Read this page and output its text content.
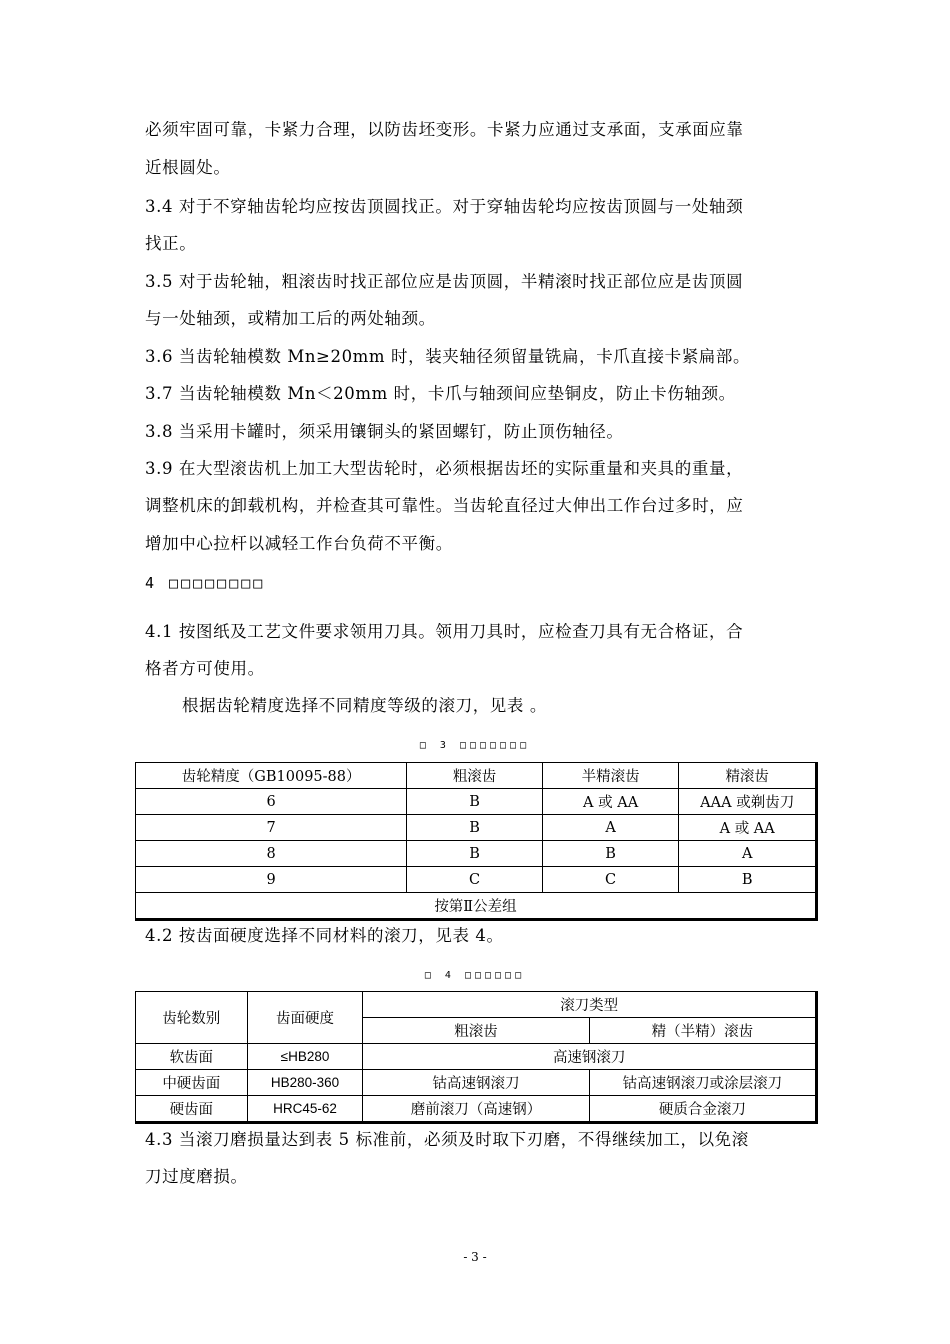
必须牢固可靠，卡紧力合理，以防齿坯变形。卡紧力应通过支承面，支承面应靠
近根圆处。
3.4 对于不穿轴齿轮均应按齿顶圆找正。对于穿轴齿轮均应按齿顶圆与一处轴颈
找正。
3.5 对于齿轮轴，粗滚齿时找正部位应是齿顶圆，半精滚时找正部位应是齿顶圆
与一处轴颈，或精加工后的两处轴颈。
3.6 当齿轮轴模数 Mn≥20mm 时，装夹轴径须留量铣扁，卡爪直接卡紧扁部。
3.7 当齿轮轴模数 Mn＜20mm 时，卡爪与轴颈间应垫铜皮，防止卡伤轴颈。
3.8 当采用卡罐时，须采用镶铜头的紧固螺钉，防止顶伤轴径。
3.9 在大型滚齿机上加工大型齿轮时，必须根据齿坯的实际重量和夹具的重量，
调整机床的卸载机构，并检查其可靠性。当齿轮直径过大伸出工作台过多时，应
增加中心拉杆以减轻工作台负荷不平衡。
4 □□□□□□□□
4.1 按图纸及工艺文件要求领用刀具。领用刀具时，应检查刀具有无合格证，合
格者方可使用。
根据齿轮精度选择不同精度等级的滚刀，见表 。
□ 3 □□□□□□□
齿轮精度（GB10095-88）	粗滚齿	半精滚齿	精滚齿
6	B	A 或 AA	AAA 或剃齿刀
7	B	A	A 或 AA
8	B	B	A
9	C	C	B
按第Ⅱ公差组			
4.2 按齿面硬度选择不同材料的滚刀，见表 4。
□ 4 □□□□□□
齿轮数别	齿面硬度	滚刀类型	
		粗滚齿	精（半精）滚齿
软齿面	≤HB280	高速钢滚刀	
中硬齿面	HB280-360	钴高速钢滚刀	钴高速钢滚刀或涂层滚刀
硬齿面	HRC45-62	磨前滚刀（高速钢）	硬质合金滚刀
4.3 当滚刀磨损量达到表 5 标准前，必须及时取下刃磨，不得继续加工，以免滚
刀过度磨损。
- 3 -
